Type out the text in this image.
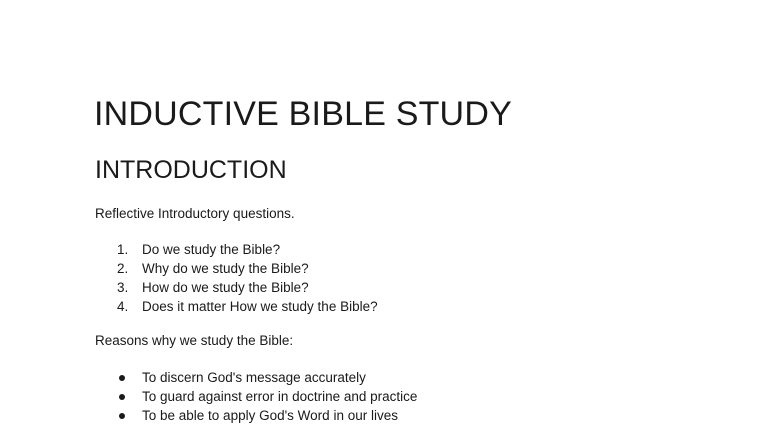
INDUCTIVE BIBLE STUDY
INTRODUCTION

Reflective Introductory questions.

1.	Do we study the Bible?
2.	Why do we study the Bible?
3.	How do we study the Bible?
4.	Does it matter How we study the Bible?

Reasons why we study the Bible:

To discern God's message accurately
To guard against error in doctrine and practice
To be able to apply God's Word in our lives
